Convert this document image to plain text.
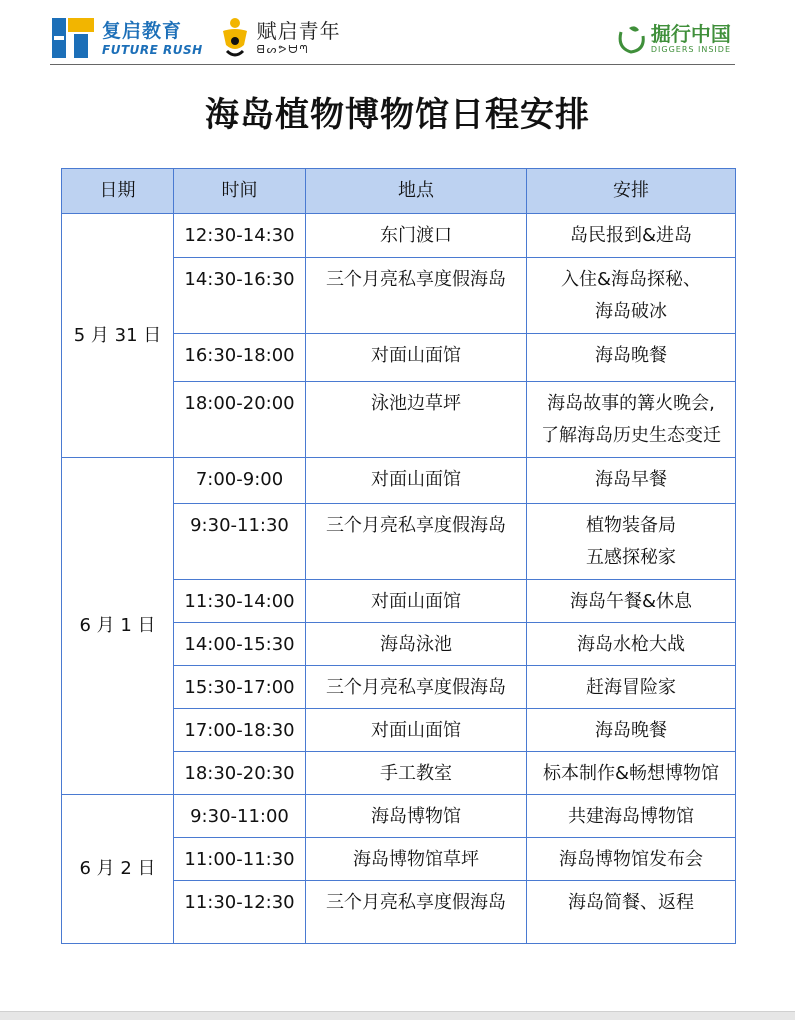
复启教育
FUTURE RUSH
赋启青年
ᗺᔕᕗᗨᘉ
掘行中国
DIGGERS INSIDE
海岛植物博物馆日程安排
日期	时间	地点	安排
5 月 31 日	12:30-14:30	东门渡口	岛民报到&进岛

	14:30-16:30	三个月亮私享度假海岛	入住&海岛探秘、
海岛破冰

	16:30-18:00	对面山面馆	海岛晚餐

	18:00-20:00	泳池边草坪	海岛故事的篝火晚会,
了解海岛历史生态变迁

6 月 1 日	7:00-9:00	对面山面馆	海岛早餐

	9:30-11:30	三个月亮私享度假海岛	植物装备局
五感探秘家

	11:30-14:00	对面山面馆	海岛午餐&休息

	14:00-15:30	海岛泳池	海岛水枪大战

	15:30-17:00	三个月亮私享度假海岛	赶海冒险家

	17:00-18:30	对面山面馆	海岛晚餐

	18:30-20:30	手工教室	标本制作&畅想博物馆

6 月 2 日	9:30-11:00	海岛博物馆	共建海岛博物馆

	11:00-11:30	海岛博物馆草坪	海岛博物馆发布会

	11:30-12:30	三个月亮私享度假海岛	海岛简餐、返程
